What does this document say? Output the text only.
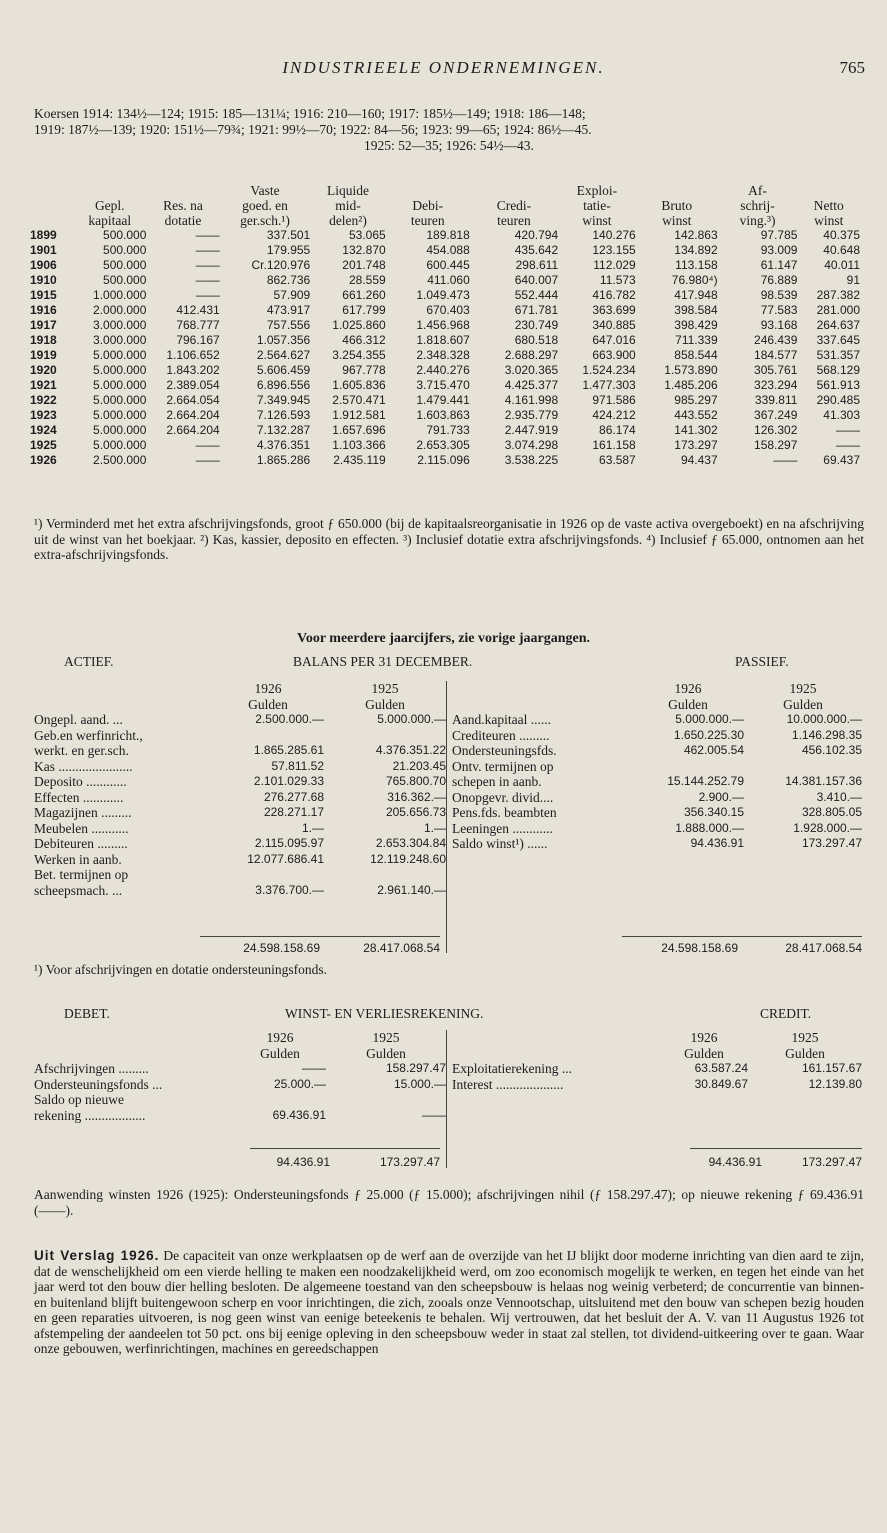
INDUSTRIEELE ONDERNEMINGEN.	765
Koersen 1914: 134½—124; 1915: 185—131¼; 1916: 210—160; 1917: 185½—149; 1918: 186—148;
1919: 187½—139; 1920: 151½—79¾; 1921: 99½—70; 1922: 84—56; 1923: 99—65; 1924: 86½—45.
1925: 52—35; 1926: 54½—43.
			Vaste	Liquide			Exploi-		Af-	
	Gepl.	Res. na	goed. en	mid-	Debi-	Credi-	tatie-	Bruto	schrij-	Netto
	kapitaal	dotatie	ger.sch.¹)	delen²)	teuren	teuren	winst	winst	ving.³)	winst
1899	500.000	——	337.501	53.065	189.818	420.794	140.276	142.863	97.785	40.375
1901	500.000	——	179.955	132.870	454.088	435.642	123.155	134.892	93.009	40.648
1906	500.000	——	Cr.120.976	201.748	600.445	298.611	112.029	113.158	61.147	40.011
1910	500.000	——	862.736	28.559	411.060	640.007	11.573	76.980⁴)	76.889	91
1915	1.000.000	——	57.909	661.260	1.049.473	552.444	416.782	417.948	98.539	287.382
1916	2.000.000	412.431	473.917	617.799	670.403	671.781	363.699	398.584	77.583	281.000
1917	3.000.000	768.777	757.556	1.025.860	1.456.968	230.749	340.885	398.429	93.168	264.637
1918	3.000.000	796.167	1.057.356	466.312	1.818.607	680.518	647.016	711.339	246.439	337.645
1919	5.000.000	1.106.652	2.564.627	3.254.355	2.348.328	2.688.297	663.900	858.544	184.577	531.357
1920	5.000.000	1.843.202	5.606.459	967.778	2.440.276	3.020.365	1.524.234	1.573.890	305.761	568.129
1921	5.000.000	2.389.054	6.896.556	1.605.836	3.715.470	4.425.377	1.477.303	1.485.206	323.294	561.913
1922	5.000.000	2.664.054	7.349.945	2.570.471	1.479.441	4.161.998	971.586	985.297	339.811	290.485
1923	5.000.000	2.664.204	7.126.593	1.912.581	1.603.863	2.935.779	424.212	443.552	367.249	41.303
1924	5.000.000	2.664.204	7.132.287	1.657.696	791.733	2.447.919	86.174	141.302	126.302	——
1925	5.000.000	——	4.376.351	1.103.366	2.653.305	3.074.298	161.158	173.297	158.297	——
1926	2.500.000	——	1.865.286	2.435.119	2.115.096	3.538.225	63.587	94.437	——	69.437
¹) Verminderd met het extra afschrijvingsfonds, groot ƒ 650.000 (bij de kapitaalsreorganisatie in 1926 op de vaste activa overgeboekt) en na afschrijving uit de winst van het boekjaar. ²) Kas, kassier, deposito en effecten. ³) Inclusief dotatie extra afschrijvingsfonds. ⁴) Inclusief ƒ 65.000, ontnomen aan het extra-afschrijvingsfonds.
Voor meerdere jaarcijfers, zie vorige jaargangen.
ACTIEF.	BALANS PER 31 DECEMBER.	PASSIEF.
	1926	1925
	Gulden	Gulden
Ongepl. aand. ...	2.500.000.—	5.000.000.—
Geb.en werfinricht.,		
werkt. en ger.sch.	1.865.285.61	4.376.351.22
Kas ......................	57.811.52	21.203.45
Deposito ............	2.101.029.33	765.800.70
Effecten ............	276.277.68	316.362.—
Magazijnen .........	228.271.17	205.656.73
Meubelen ...........	1.—	1.—
Debiteuren .........	2.115.095.97	2.653.304.84
Werken in aanb.	12.077.686.41	12.119.248.60
Bet. termijnen op		
scheepsmach. ...	3.376.700.—	2.961.140.—
	1926	1925
	Gulden	Gulden
Aand.kapitaal ......	5.000.000.—	10.000.000.—
Crediteuren .........	1.650.225.30	1.146.298.35
Ondersteuningsfds.	462.005.54	456.102.35
Ontv. termijnen op		
schepen in aanb.	15.144.252.79	14.381.157.36
Onopgevr. divid....	2.900.—	3.410.—
Pens.fds. beambten	356.340.15	328.805.05
Leeningen ............	1.888.000.—	1.928.000.—
Saldo winst¹) ......	94.436.91	173.297.47
24.598.158.69	28.417.068.54	24.598.158.69	28.417.068.54
¹) Voor afschrijvingen en dotatie ondersteuningsfonds.
DEBET.	WINST- EN VERLIESREKENING.	CREDIT.
	1926	1925
	Gulden	Gulden
Afschrijvingen .........	——	158.297.47
Ondersteuningsfonds ...	25.000.—	15.000.—
Saldo op nieuwe		
rekening ..................	69.436.91	——
	1926	1925
	Gulden	Gulden
Exploitatierekening ...	63.587.24	161.157.67
Interest ....................	30.849.67	12.139.80
94.436.91	173.297.47	94.436.91	173.297.47
Aanwending winsten 1926 (1925): Ondersteuningsfonds ƒ 25.000 (ƒ 15.000); afschrijvingen nihil (ƒ 158.297.47); op nieuwe rekening ƒ 69.436.91 (——).
Uit Verslag 1926. De capaciteit van onze werkplaatsen op de werf aan de overzijde van het IJ blijkt door moderne inrichting van dien aard te zijn, dat de wenschelijkheid om een vierde helling te maken een noodzakelijkheid werd, om zoo economisch mogelijk te werken, en tegen het einde van het jaar werd tot den bouw dier helling besloten. De algemeene toestand van den scheepsbouw is helaas nog weinig verbeterd; de concurrentie van binnen- en buitenland blijft buitengewoon scherp en voor inrichtingen, die zich, zooals onze Vennootschap, uitsluitend met den bouw van schepen bezig houden en geen reparaties uitvoeren, is nog geen winst van eenige beteekenis te behalen. Wij vertrouwen, dat het besluit der A. V. van 11 Augustus 1926 tot afstempeling der aandeelen tot 50 pct. ons bij eenige opleving in den scheepsbouw weder in staat zal stellen, tot dividend-uitkeering over te gaan. Waar onze gebouwen, werfinrichtingen, machines en gereedschappen
